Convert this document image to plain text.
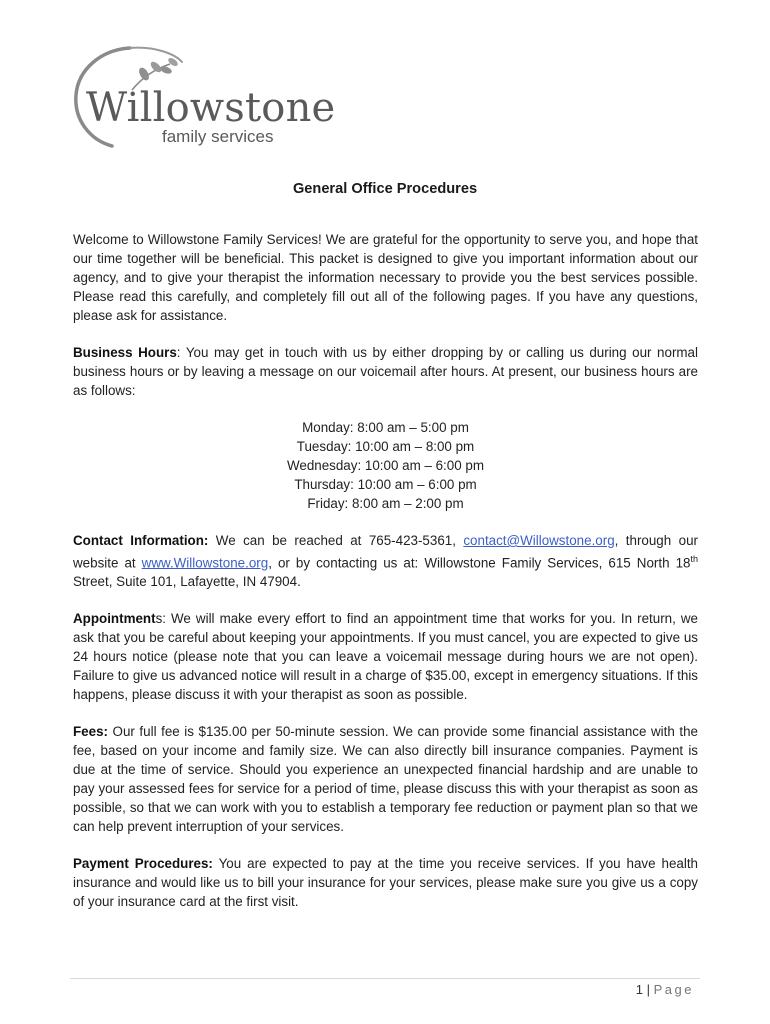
Willowstone
family services
General Office Procedures

Welcome to Willowstone Family Services! We are grateful for the opportunity to serve you, and hope that our time together will be beneficial. This packet is designed to give you important information about our agency, and to give your therapist the information necessary to provide you the best services possible. Please read this carefully, and completely fill out all of the following pages. If you have any questions, please ask for assistance.

Business Hours: You may get in touch with us by either dropping by or calling us during our normal business hours or by leaving a message on our voicemail after hours. At present, our business hours are as follows:

Monday: 8:00 am – 5:00 pm
Tuesday: 10:00 am – 8:00 pm
Wednesday: 10:00 am – 6:00 pm
Thursday: 10:00 am – 6:00 pm
Friday: 8:00 am – 2:00 pm

Contact Information: We can be reached at 765-423-5361, contact@Willowstone.org, through our website at www.Willowstone.org, or by contacting us at: Willowstone Family Services, 615 North 18th Street, Suite 101, Lafayette, IN 47904.

Appointments: We will make every effort to find an appointment time that works for you. In return, we ask that you be careful about keeping your appointments. If you must cancel, you are expected to give us 24 hours notice (please note that you can leave a voicemail message during hours we are not open). Failure to give us advanced notice will result in a charge of $35.00, except in emergency situations. If this happens, please discuss it with your therapist as soon as possible.

Fees: Our full fee is $135.00 per 50-minute session. We can provide some financial assistance with the fee, based on your income and family size. We can also directly bill insurance companies. Payment is due at the time of service. Should you experience an unexpected financial hardship and are unable to pay your assessed fees for service for a period of time, please discuss this with your therapist as soon as possible, so that we can work with you to establish a temporary fee reduction or payment plan so that we can help prevent interruption of your services.

Payment Procedures: You are expected to pay at the time you receive services. If you have health insurance and would like us to bill your insurance for your services, please make sure you give us a copy of your insurance card at the first visit.

1 | Page
